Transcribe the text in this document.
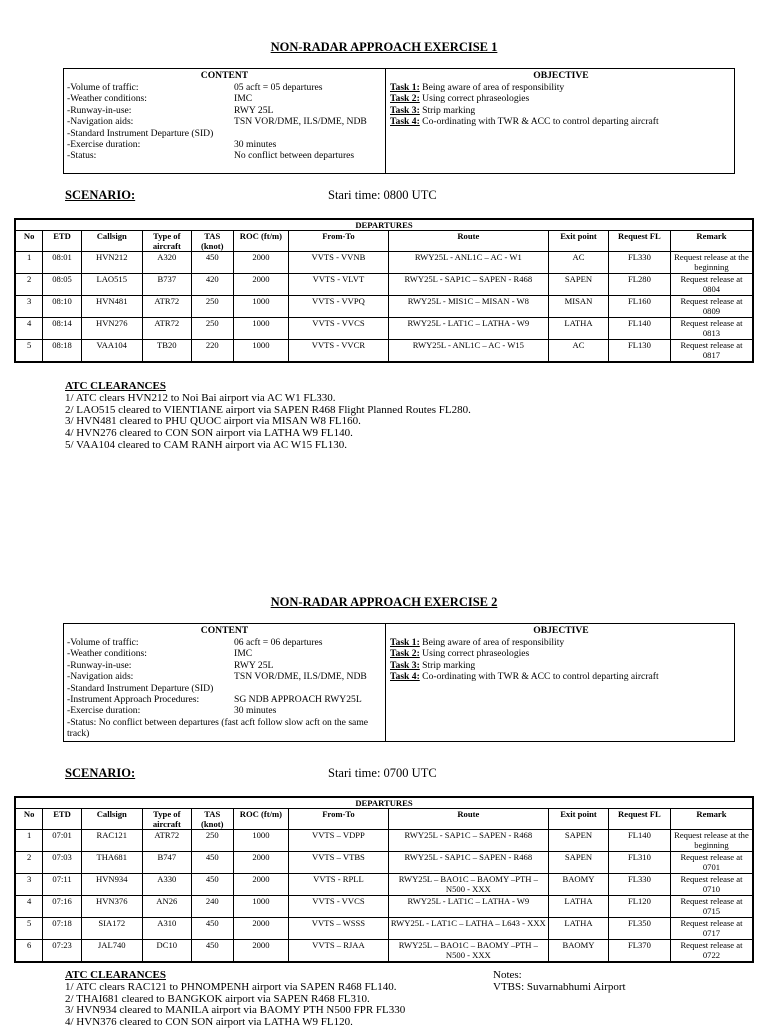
NON-RADAR APPROACH EXERCISE 1
CONTENT	OBJECTIVE
-Volume of traffic:	05 acft = 05 departures
-Weather conditions:	IMC
-Runway-in-use:	RWY 25L
-Navigation aids:	TSN VOR/DME, ILS/DME, NDB
-Standard Instrument Departure (SID)
-Exercise duration:	30 minutes
-Status:	No conflict between departures
Task 1: Being aware of area of responsibility
Task 2: Using correct phraseologies
Task 3: Strip marking
Task 4: Co-ordinating with TWR & ACC to control departing aircraft
SCENARIO:	Stari time: 0800 UTC
DEPARTURES										
No	ETD	Callsign	Type of aircraft	TAS (knot)	ROC (ft/m)	From-To	Route	Exit point	Request FL	Remark
1	08:01	HVN212	A320	450	2000	VVTS - VVNB	RWY25L - ANL1C – AC - W1	AC	FL330	Request release at the beginning
2	08:05	LAO515	B737	420	2000	VVTS - VLVT	RWY25L - SAP1C – SAPEN - R468	SAPEN	FL280	Request release at 0804
3	08:10	HVN481	ATR72	250	1000	VVTS - VVPQ	RWY25L - MIS1C – MISAN - W8	MISAN	FL160	Request release at 0809
4	08:14	HVN276	ATR72	250	1000	VVTS - VVCS	RWY25L - LAT1C – LATHA - W9	LATHA	FL140	Request release at 0813
5	08:18	VAA104	TB20	220	1000	VVTS - VVCR	RWY25L - ANL1C – AC - W15	AC	FL130	Request release at 0817
ATC CLEARANCES
1/ ATC clears HVN212 to Noi Bai airport via AC W1 FL330.
2/ LAO515 cleared to VIENTIANE airport via SAPEN R468 Flight Planned Routes FL280.
3/ HVN481 cleared to PHU QUOC airport via MISAN W8 FL160.
4/ HVN276 cleared to CON SON airport via LATHA W9 FL140.
5/ VAA104 cleared to CAM RANH airport via AC W15 FL130.
NON-RADAR APPROACH EXERCISE 2
CONTENT	OBJECTIVE
-Volume of traffic:	06 acft = 06 departures
-Weather conditions:	IMC
-Runway-in-use:	RWY 25L
-Navigation aids:	TSN VOR/DME, ILS/DME, NDB
-Standard Instrument Departure (SID)
-Instrument Approach Procedures:	SG NDB APPROACH RWY25L
-Exercise duration:	30 minutes
-Status: No conflict between departures (fast acft follow slow acft on the same track)
Task 1: Being aware of area of responsibility
Task 2: Using correct phraseologies
Task 3: Strip marking
Task 4: Co-ordinating with TWR & ACC to control departing aircraft
SCENARIO:	Stari time: 0700 UTC
DEPARTURES										
No	ETD	Callsign	Type of aircraft	TAS (knot)	ROC (ft/m)	From-To	Route	Exit point	Request FL	Remark
1	07:01	RAC121	ATR72	250	1000	VVTS – VDPP	RWY25L - SAP1C – SAPEN - R468	SAPEN	FL140	Request release at the beginning
2	07:03	THA681	B747	450	2000	VVTS – VTBS	RWY25L - SAP1C – SAPEN - R468	SAPEN	FL310	Request release at 0701
3	07:11	HVN934	A330	450	2000	VVTS - RPLL	RWY25L – BAO1C – BAOMY –PTH – N500 - XXX	BAOMY	FL330	Request release at 0710
4	07:16	HVN376	AN26	240	1000	VVTS - VVCS	RWY25L - LAT1C – LATHA - W9	LATHA	FL120	Request release at 0715
5	07:18	SIA172	A310	450	2000	VVTS – WSSS	RWY25L - LAT1C – LATHA – L643 - XXX	LATHA	FL350	Request release at 0717
6	07:23	JAL740	DC10	450	2000	VVTS – RJAA	RWY25L – BAO1C – BAOMY –PTH – N500 - XXX	BAOMY	FL370	Request release at 0722
ATC CLEARANCES
1/ ATC clears RAC121 to PHNOMPENH airport via SAPEN R468 FL140.
2/ THAI681 cleared to BANGKOK airport via SAPEN R468 FL310.
3/ HVN934 cleared to MANILA airport via BAOMY PTH N500 FPR FL330
4/ HVN376 cleared to CON SON airport via LATHA W9 FL120.
Notes:
VTBS: Suvarnabhumi Airport
